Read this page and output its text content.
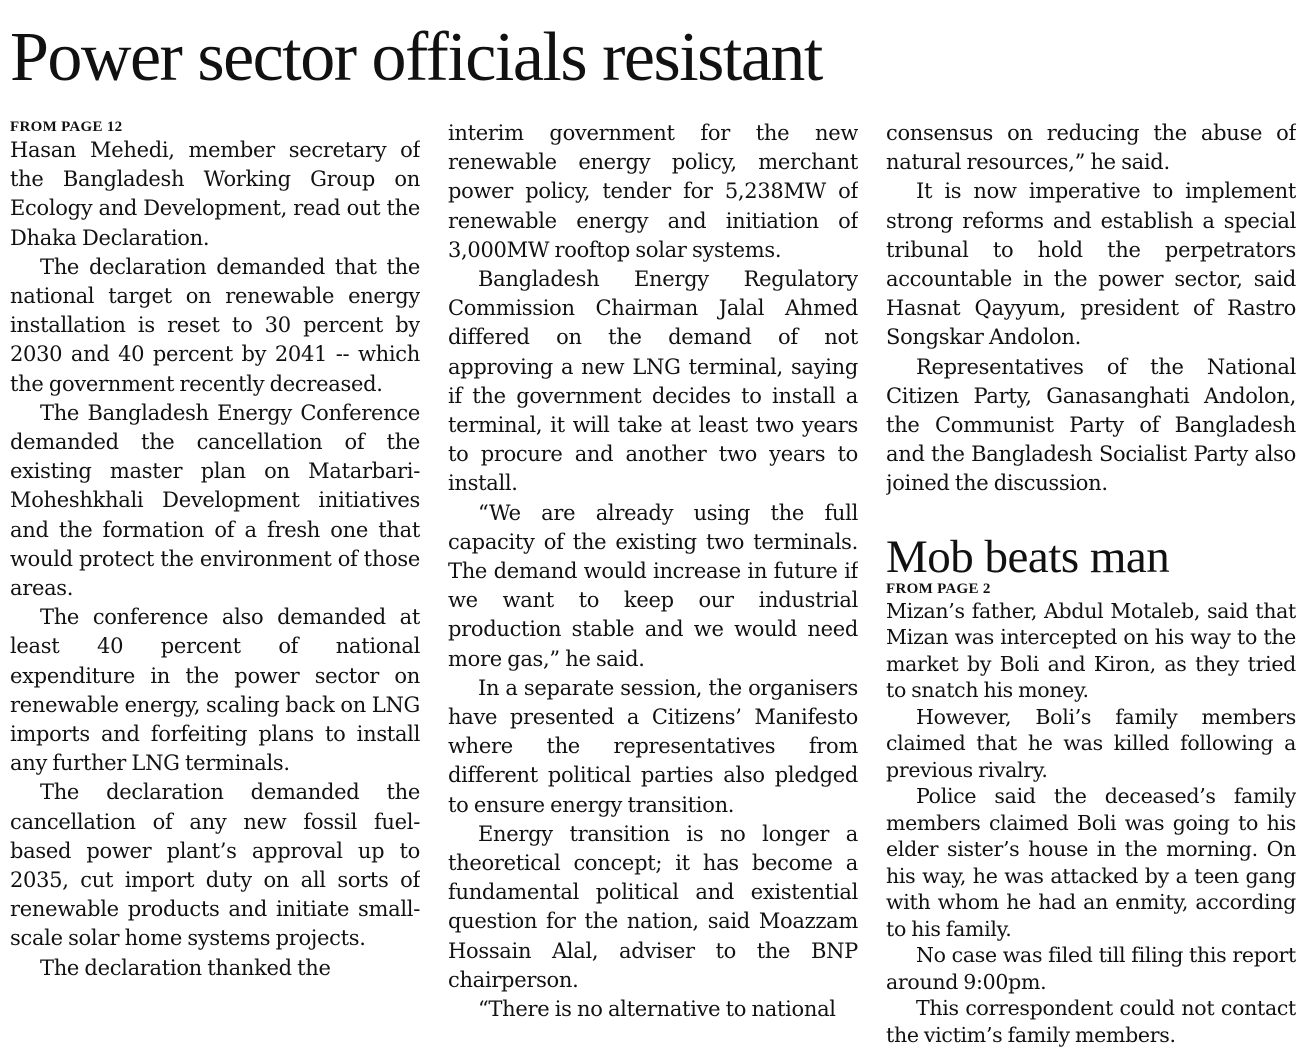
Power sector officials resistant

FROM PAGE 12

Hasan Mehedi, member secretary of the Bangladesh Working Group on Ecology and Development, read out the Dhaka Declaration.

The declaration demanded that the national target on renewable energy installation is reset to 30 percent by 2030 and 40 percent by 2041 -- which the government recently decreased.

The Bangladesh Energy Conference demanded the cancellation of the existing master plan on Matarbari-Moheshkhali Development initiatives and the formation of a fresh one that would protect the environment of those areas.

The conference also demanded at least 40 percent of national expenditure in the power sector on renewable energy, scaling back on LNG imports and forfeiting plans to install any further LNG terminals.

The declaration demanded the cancellation of any new fossil fuel-based power plant’s approval up to 2035, cut import duty on all sorts of renewable products and initiate small-scale solar home systems projects.

The declaration thanked the

interim government for the new renewable energy policy, merchant power policy, tender for 5,238MW of renewable energy and initiation of 3,000MW rooftop solar systems.

Bangladesh Energy Regulatory Commission Chairman Jalal Ahmed differed on the demand of not approving a new LNG terminal, saying if the government decides to install a terminal, it will take at least two years to procure and another two years to install.

“We are already using the full capacity of the existing two terminals. The demand would increase in future if we want to keep our industrial production stable and we would need more gas,” he said.

In a separate session, the organisers have presented a Citizens’ Manifesto where the representatives from different political parties also pledged to ensure energy transition.

Energy transition is no longer a theoretical concept; it has become a fundamental political and existential question for the nation, said Moazzam Hossain Alal, adviser to the BNP chairperson.

“There is no alternative to national

consensus on reducing the abuse of natural resources,” he said.

It is now imperative to implement strong reforms and establish a special tribunal to hold the perpetrators accountable in the power sector, said Hasnat Qayyum, president of Rastro Songskar Andolon.

Representatives of the National Citizen Party, Ganasanghati Andolon, the Communist Party of Bangladesh and the Bangladesh Socialist Party also joined the discussion.

Mob beats man

FROM PAGE 2

Mizan’s father, Abdul Motaleb, said that Mizan was intercepted on his way to the market by Boli and Kiron, as they tried to snatch his money.

However, Boli’s family members claimed that he was killed following a previous rivalry.

Police said the deceased’s family members claimed Boli was going to his elder sister’s house in the morning. On his way, he was attacked by a teen gang with whom he had an enmity, according to his family.

No case was filed till filing this report around 9:00pm.

This correspondent could not contact the victim’s family members.
